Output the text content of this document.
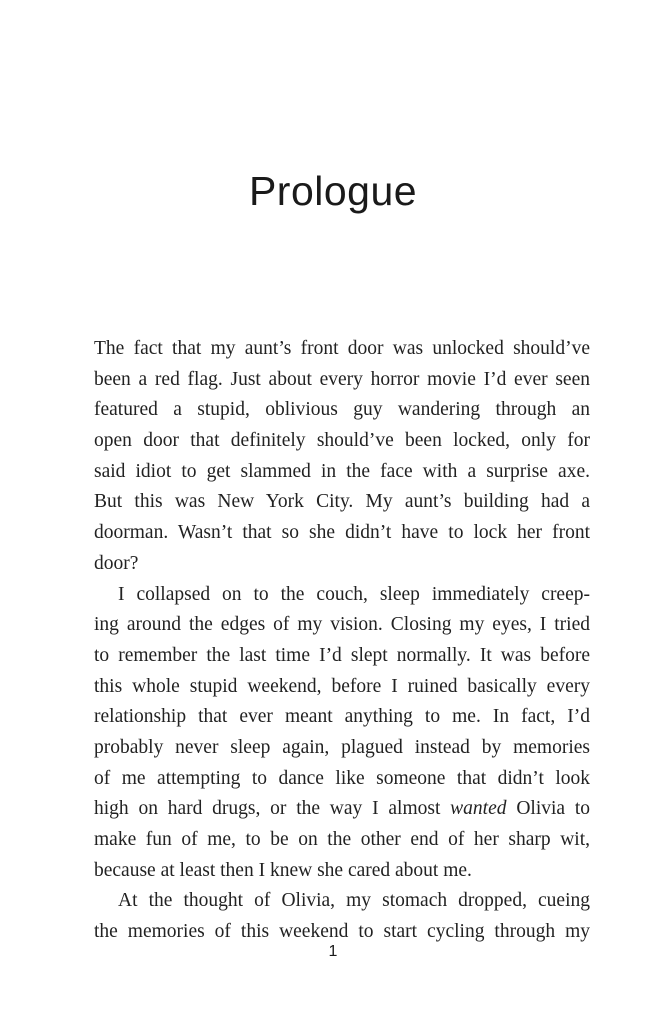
Prologue
The fact that my aunt’s front door was unlocked should’ve
been a red flag. Just about every horror movie I’d ever seen
featured a stupid, oblivious guy wandering through an
open door that definitely should’ve been locked, only for
said idiot to get slammed in the face with a surprise axe.
But this was New York City. My aunt’s building had a
doorman. Wasn’t that so she didn’t have to lock her front
door?
I collapsed on to the couch, sleep immediately creep-
ing around the edges of my vision. Closing my eyes, I tried
to remember the last time I’d slept normally. It was before
this whole stupid weekend, before I ruined basically every
relationship that ever meant anything to me. In fact, I’d
probably never sleep again, plagued instead by memories
of me attempting to dance like someone that didn’t look
high on hard drugs, or the way I almost wanted Olivia to
make fun of me, to be on the other end of her sharp wit,
because at least then I knew she cared about me.
At the thought of Olivia, my stomach dropped, cueing
the memories of this weekend to start cycling through my
1
